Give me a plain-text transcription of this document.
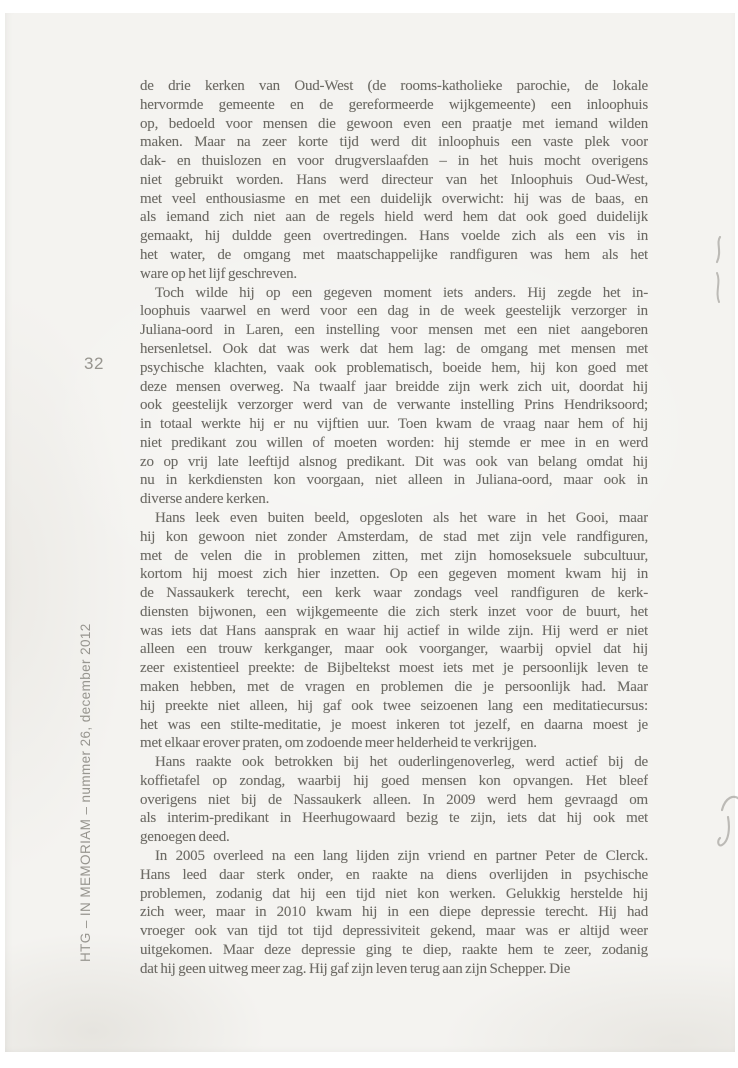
32
HTG – IN MEMORIAM – nummer 26, december 2012
de drie kerken van Oud-West (de rooms-katholieke parochie, de lokale
hervormde gemeente en de gereformeerde wijkgemeente) een inloophuis
op, bedoeld voor mensen die gewoon even een praatje met iemand wilden
maken. Maar na zeer korte tijd werd dit inloophuis een vaste plek voor
dak- en thuislozen en voor drugverslaafden – in het huis mocht overigens
niet gebruikt worden. Hans werd directeur van het Inloophuis Oud-West,
met veel enthousiasme en met een duidelijk overwicht: hij was de baas, en
als iemand zich niet aan de regels hield werd hem dat ook goed duidelijk
gemaakt, hij duldde geen overtredingen. Hans voelde zich als een vis in
het water, de omgang met maatschappelijke randfiguren was hem als het
ware op het lijf geschreven.
Toch wilde hij op een gegeven moment iets anders. Hij zegde het in-
loophuis vaarwel en werd voor een dag in de week geestelijk verzorger in
Juliana-oord in Laren, een instelling voor mensen met een niet aangeboren
hersenletsel. Ook dat was werk dat hem lag: de omgang met mensen met
psychische klachten, vaak ook problematisch, boeide hem, hij kon goed met
deze mensen overweg. Na twaalf jaar breidde zijn werk zich uit, doordat hij
ook geestelijk verzorger werd van de verwante instelling Prins Hendriksoord;
in totaal werkte hij er nu vijftien uur. Toen kwam de vraag naar hem of hij
niet predikant zou willen of moeten worden: hij stemde er mee in en werd
zo op vrij late leeftijd alsnog predikant. Dit was ook van belang omdat hij
nu in kerkdiensten kon voorgaan, niet alleen in Juliana-oord, maar ook in
diverse andere kerken.
Hans leek even buiten beeld, opgesloten als het ware in het Gooi, maar
hij kon gewoon niet zonder Amsterdam, de stad met zijn vele randfiguren,
met de velen die in problemen zitten, met zijn homoseksuele subcultuur,
kortom hij moest zich hier inzetten. Op een gegeven moment kwam hij in
de Nassaukerk terecht, een kerk waar zondags veel randfiguren de kerk-
diensten bijwonen, een wijkgemeente die zich sterk inzet voor de buurt, het
was iets dat Hans aansprak en waar hij actief in wilde zijn. Hij werd er niet
alleen een trouw kerkganger, maar ook voorganger, waarbij opviel dat hij
zeer existentieel preekte: de Bijbeltekst moest iets met je persoonlijk leven te
maken hebben, met de vragen en problemen die je persoonlijk had. Maar
hij preekte niet alleen, hij gaf ook twee seizoenen lang een meditatiecursus:
het was een stilte-meditatie, je moest inkeren tot jezelf, en daarna moest je
met elkaar erover praten, om zodoende meer helderheid te verkrijgen.
Hans raakte ook betrokken bij het ouderlingenoverleg, werd actief bij de
koffietafel op zondag, waarbij hij goed mensen kon opvangen. Het bleef
overigens niet bij de Nassaukerk alleen. In 2009 werd hem gevraagd om
als interim-predikant in Heerhugowaard bezig te zijn, iets dat hij ook met
genoegen deed.
In 2005 overleed na een lang lijden zijn vriend en partner Peter de Clerck.
Hans leed daar sterk onder, en raakte na diens overlijden in psychische
problemen, zodanig dat hij een tijd niet kon werken. Gelukkig herstelde hij
zich weer, maar in 2010 kwam hij in een diepe depressie terecht. Hij had
vroeger ook van tijd tot tijd depressiviteit gekend, maar was er altijd weer
uitgekomen. Maar deze depressie ging te diep, raakte hem te zeer, zodanig
dat hij geen uitweg meer zag. Hij gaf zijn leven terug aan zijn Schepper. Die
